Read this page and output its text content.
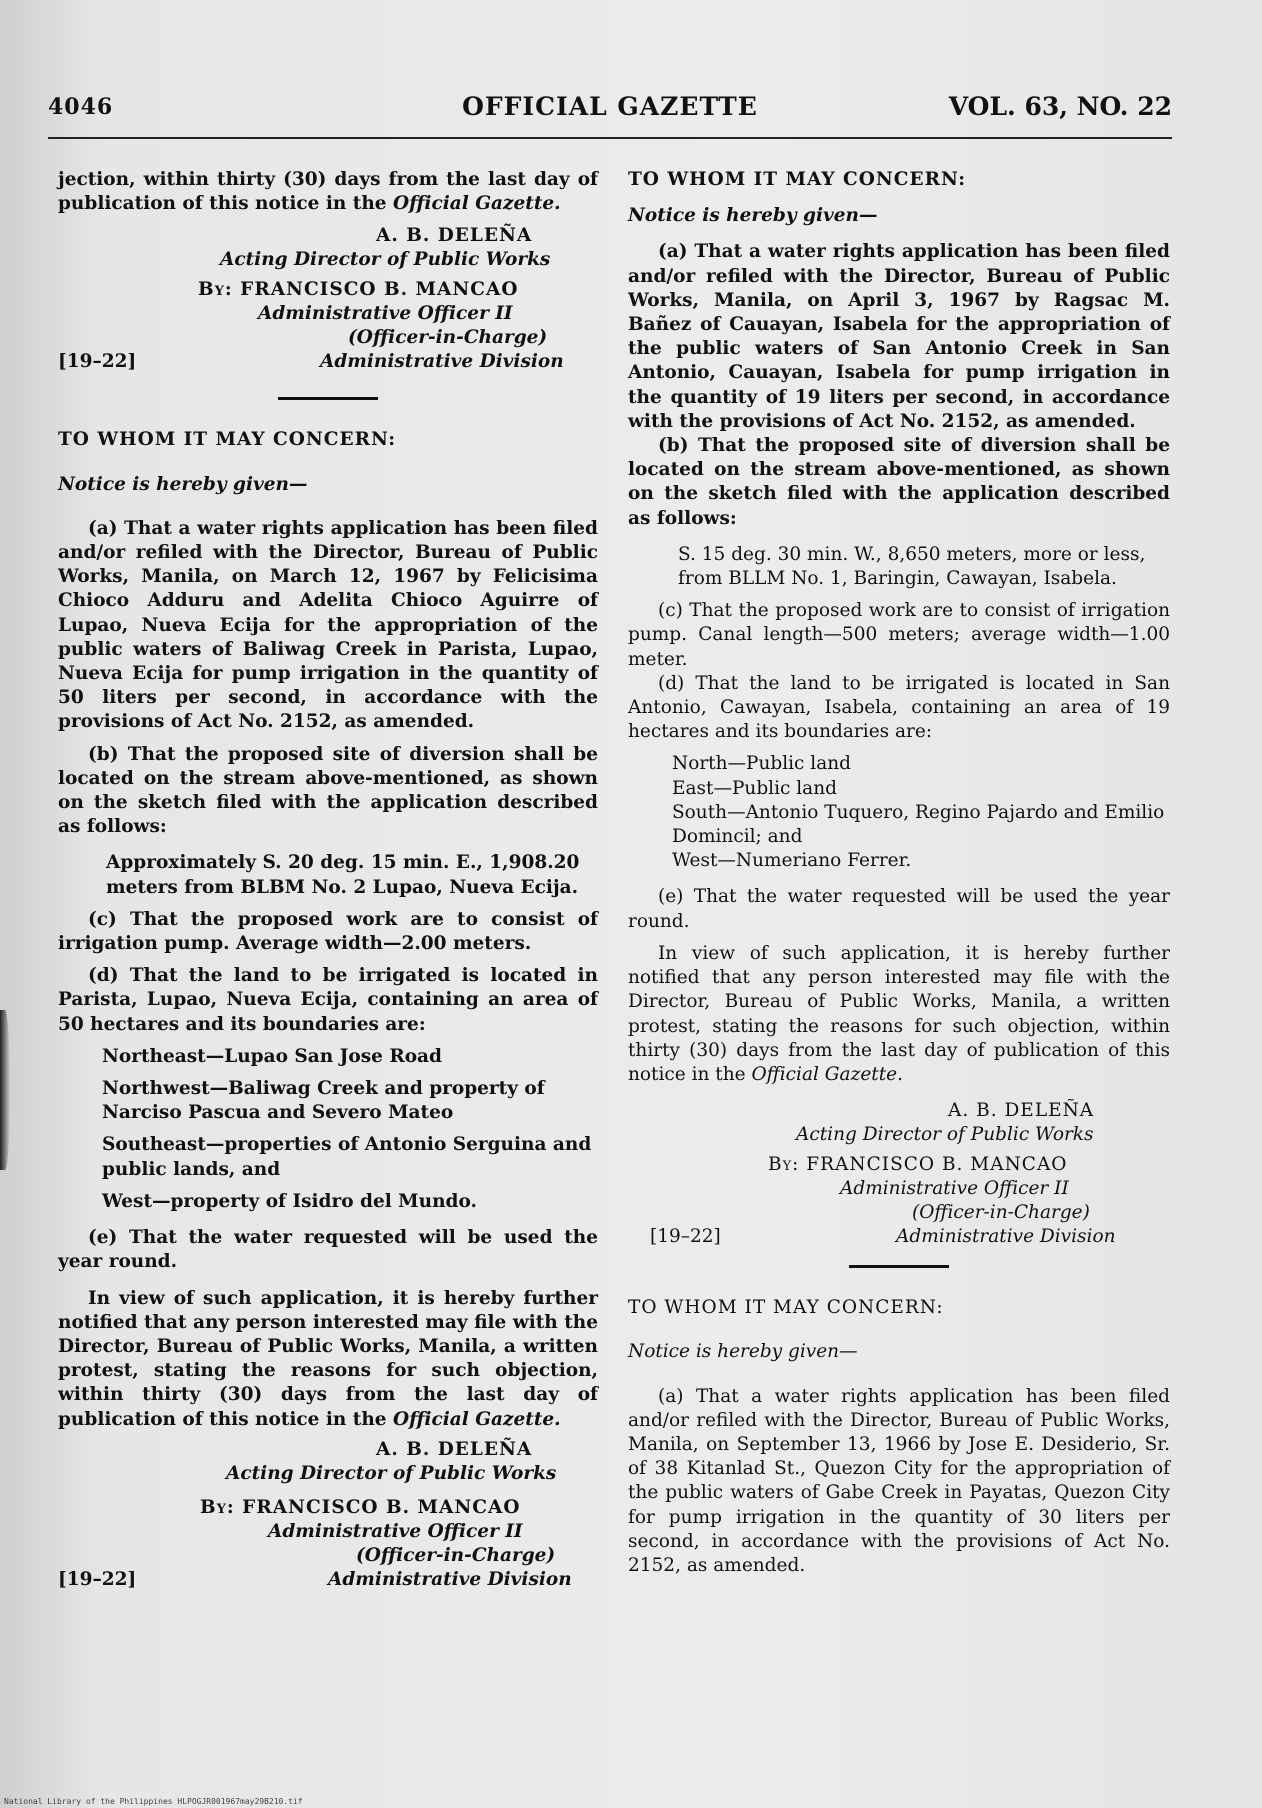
4046	OFFICIAL GAZETTE	VOL. 63, NO. 22

jection, within thirty (30) days from the last day of publication of this notice in the Official Gazette.

A. B. DELEÑA
Acting Director of Public Works
By: FRANCISCO B. MANCAO
Administrative Officer II
(Officer-in-Charge)
[19–22]	Administrative Division

TO WHOM IT MAY CONCERN:

Notice is hereby given—

(a) That a water rights application has been filed and/or refiled with the Director, Bureau of Public Works, Manila, on March 12, 1967 by Felicisima Chioco Adduru and Adelita Chioco Aguirre of Lupao, Nueva Ecija for the appropriation of the public waters of Baliwag Creek in Parista, Lupao, Nueva Ecija for pump irrigation in the quantity of 50 liters per second, in accordance with the provisions of Act No. 2152, as amended.

(b) That the proposed site of diversion shall be located on the stream above-mentioned, as shown on the sketch filed with the application described as follows:

Approximately S. 20 deg. 15 min. E., 1,908.20 meters from BLBM No. 2 Lupao, Nueva Ecija.

(c) That the proposed work are to consist of irrigation pump. Average width—2.00 meters.

(d) That the land to be irrigated is located in Parista, Lupao, Nueva Ecija, containing an area of 50 hectares and its boundaries are:

Northeast—Lupao San Jose Road

Northwest—Baliwag Creek and property of Narciso Pascua and Severo Mateo

Southeast—properties of Antonio Serguina and public lands, and

West—property of Isidro del Mundo.

(e) That the water requested will be used the year round.

In view of such application, it is hereby further notified that any person interested may file with the Director, Bureau of Public Works, Manila, a written protest, stating the reasons for such objection, within thirty (30) days from the last day of publication of this notice in the Official Gazette.

A. B. DELEÑA
Acting Director of Public Works
By: FRANCISCO B. MANCAO
Administrative Officer II
(Officer-in-Charge)
[19–22]	Administrative Division

TO WHOM IT MAY CONCERN:

Notice is hereby given—

(a) That a water rights application has been filed and/or refiled with the Director, Bureau of Public Works, Manila, on April 3, 1967 by Ragsac M. Bañez of Cauayan, Isabela for the appropriation of the public waters of San Antonio Creek in San Antonio, Cauayan, Isabela for pump irrigation in the quantity of 19 liters per second, in accordance with the provisions of Act No. 2152, as amended.

(b) That the proposed site of diversion shall be located on the stream above-mentioned, as shown on the sketch filed with the application described as follows:

S. 15 deg. 30 min. W., 8,650 meters, more or less, from BLLM No. 1, Baringin, Cawayan, Isabela.

(c) That the proposed work are to consist of irrigation pump. Canal length—500 meters; average width—1.00 meter.

(d) That the land to be irrigated is located in San Antonio, Cawayan, Isabela, containing an area of 19 hectares and its boundaries are:

North—Public land

East—Public land

South—Antonio Tuquero, Regino Pajardo and Emilio Domincil; and

West—Numeriano Ferrer.

(e) That the water requested will be used the year round.

In view of such application, it is hereby further notified that any person interested may file with the Director, Bureau of Public Works, Manila, a written protest, stating the reasons for such objection, within thirty (30) days from the last day of publication of this notice in the Official Gazette.

A. B. DELEÑA
Acting Director of Public Works
By: FRANCISCO B. MANCAO
Administrative Officer II
(Officer-in-Charge)
[19–22]	Administrative Division

TO WHOM IT MAY CONCERN:

Notice is hereby given—

(a) That a water rights application has been filed and/or refiled with the Director, Bureau of Public Works, Manila, on September 13, 1966 by Jose E. Desiderio, Sr. of 38 Kitanlad St., Quezon City for the appropriation of the public waters of Gabe Creek in Payatas, Quezon City for pump irrigation in the quantity of 30 liters per second, in accordance with the provisions of Act No. 2152, as amended.

National Library of the Philippines HLPOGJR001967may29B210.tif
